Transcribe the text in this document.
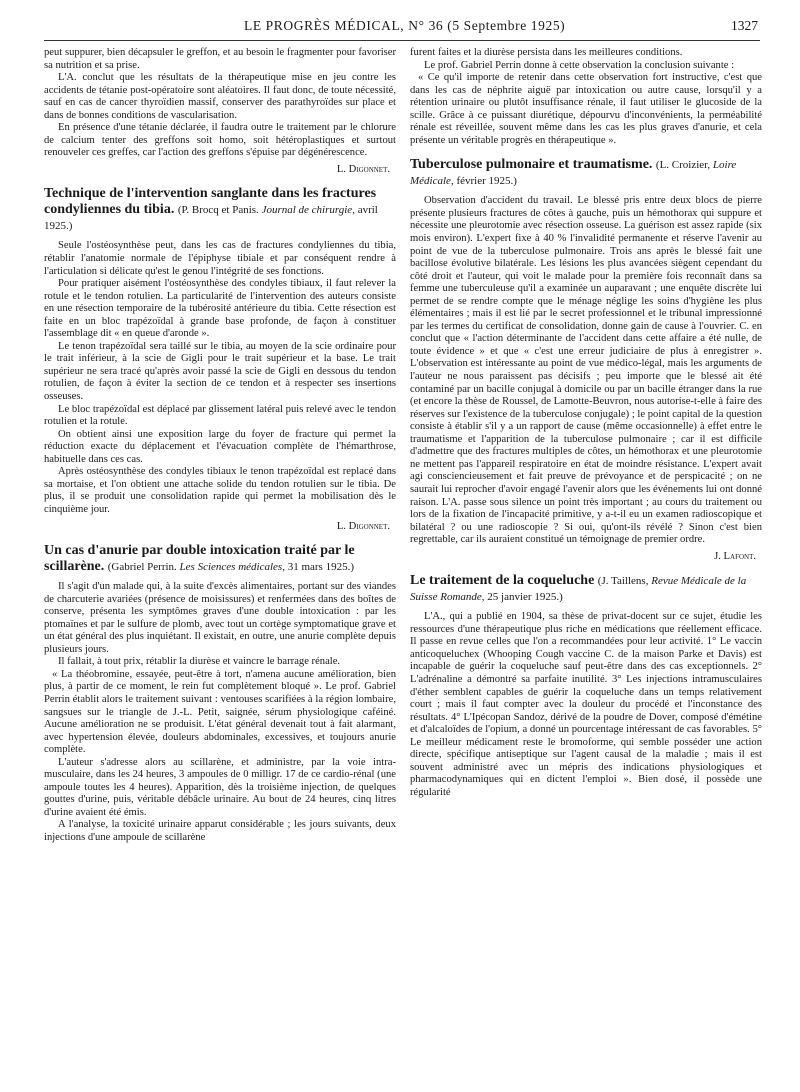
LE PROGRÈS MÉDICAL, N° 36 (5 Septembre 1925)	1327

peut suppurer, bien décapsuler le greffon, et au besoin le fragmenter pour favoriser sa nutrition et sa prise.

L'A. conclut que les résultats de la thérapeutique mise en jeu contre les accidents de tétanie post-opératoire sont aléatoires. Il faut donc, de toute nécessité, sauf en cas de cancer thyroïdien massif, conserver des parathyroïdes sur place et dans de bonnes conditions de vascularisation.

En présence d'une tétanie déclarée, il faudra outre le traitement par le chlorure de calcium tenter des greffons soit homo, soit hétéroplastiques et surtout renouveler ces greffes, car l'action des greffons s'épuise par dégénérescence.

L. Digonnet.

Technique de l'intervention sanglante dans les fractures condyliennes du tibia. (P. Brocq et Panis. Journal de chirurgie, avril 1925.)

Seule l'ostéosynthèse peut, dans les cas de fractures condyliennes du tibia, rétablir l'anatomie normale de l'épiphyse tibiale et par conséquent rendre à l'articulation si délicate qu'est le genou l'intégrité de ses fonctions.

Pour pratiquer aisément l'ostéosynthèse des condyles tibiaux, il faut relever la rotule et le tendon rotulien. La particularité de l'intervention des auteurs consiste en une résection temporaire de la tubérosité antérieure du tibia. Cette résection est faite en un bloc trapézoïdal à grande base profonde, de façon à constituer l'assemblage dit « en queue d'aronde ».

Le tenon trapézoïdal sera taillé sur le tibia, au moyen de la scie ordinaire pour le trait inférieur, à la scie de Gigli pour le trait supérieur et la base. Le trait supérieur ne sera tracé qu'après avoir passé la scie de Gigli en dessous du tendon rotulien, de façon à éviter la section de ce tendon et à respecter ses insertions osseuses.

Le bloc trapézoïdal est déplacé par glissement latéral puis relevé avec le tendon rotulien et la rotule.

On obtient ainsi une exposition large du foyer de fracture qui permet la réduction exacte du déplacement et l'évacuation complète de l'hémarthrose, habituelle dans ces cas.

Après ostéosynthèse des condyles tibiaux le tenon trapézoïdal est replacé dans sa mortaise, et l'on obtient une attache solide du tendon rotulien sur le tibia. De plus, il se produit une consolidation rapide qui permet la mobilisation dès le cinquième jour.

L. Digonnet.

Un cas d'anurie par double intoxication traité par le scillarène. (Gabriel Perrin. Les Sciences médicales, 31 mars 1925.)

Il s'agit d'un malade qui, à la suite d'excès alimentaires, portant sur des viandes de charcuterie avariées (présence de moisissures) et renfermées dans des boîtes de conserve, présenta les symptômes graves d'une double intoxication : par les ptomaïnes et par le sulfure de plomb, avec tout un cortège symptomatique grave et un état général des plus inquiétant. Il existait, en outre, une anurie complète depuis plusieurs jours.

Il fallait, à tout prix, rétablir la diurèse et vaincre le barrage rénale.

« La théobromine, essayée, peut-être à tort, n'amena aucune amélioration, bien plus, à partir de ce moment, le rein fut complètement bloqué ». Le prof. Gabriel Perrin établit alors le traitement suivant : ventouses scarifiées à la région lombaire, sangsues sur le triangle de J.-L. Petit, saignée, sérum physiologique caféiné. Aucune amélioration ne se produisit. L'état général devenait tout à fait alarmant, avec hypertension élevée, douleurs abdominales, excessives, et toujours anurie complète.

L'auteur s'adresse alors au scillarène, et administre, par la voie intra-musculaire, dans les 24 heures, 3 ampoules de 0 milligr. 17 de ce cardio-rénal (une ampoule toutes les 4 heures). Apparition, dès la troisième injection, de quelques gouttes d'urine, puis, véritable débâcle urinaire. Au bout de 24 heures, cinq litres d'urine avaient été émis.

A l'analyse, la toxicité urinaire apparut considérable ; les jours suivants, deux injections d'une ampoule de scillarène

furent faites et la diurèse persista dans les meilleures conditions.

Le prof. Gabriel Perrin donne à cette observation la conclusion suivante :

« Ce qu'il importe de retenir dans cette observation fort instructive, c'est que dans les cas de néphrite aiguë par intoxication ou autre cause, lorsqu'il y a rétention urinaire ou plutôt insuffisance rénale, il faut utiliser le glucoside de la scille. Grâce à ce puissant diurétique, dépourvu d'inconvénients, la perméabilité rénale est réveillée, souvent même dans les cas les plus graves d'anurie, et cela présente un véritable progrès en thérapeutique ».

Tuberculose pulmonaire et traumatisme. (L. Croizier, Loire Médicale, février 1925.)

Observation d'accident du travail. Le blessé pris entre deux blocs de pierre présente plusieurs fractures de côtes à gauche, puis un hémothorax qui suppure et nécessite une pleurotomie avec résection osseuse. La guérison est assez rapide (six mois environ). L'expert fixe à 40 % l'invalidité permanente et réserve l'avenir au point de vue de la tuberculose pulmonaire. Trois ans après le blessé fait une bacillose évolutive bilatérale. Les lésions les plus avancées siègent cependant du côté droit et l'auteur, qui voit le malade pour la première fois reconnaît dans sa femme une tuberculeuse qu'il a examinée un auparavant ; une enquête discrète lui permet de se rendre compte que le ménage néglige les soins d'hygiène les plus élémentaires ; mais il est lié par le secret professionnel et le tribunal impressionné par les termes du certificat de consolidation, donne gain de cause à l'ouvrier. C. en conclut que « l'action déterminante de l'accident dans cette affaire a été nulle, de toute évidence » et que « c'est une erreur judiciaire de plus à enregistrer ». L'observation est intéressante au point de vue médico-légal, mais les arguments de l'auteur ne nous paraissent pas décisifs ; peu importe que le blessé ait été contaminé par un bacille conjugal à domicile ou par un bacille étranger dans la rue (et encore la thèse de Roussel, de Lamotte-Beuvron, nous autorise-t-elle à faire des réserves sur l'existence de la tuberculose conjugale) ; le point capital de la question consiste à établir s'il y a un rapport de cause (même occasionnelle) à effet entre le traumatisme et l'apparition de la tuberculose pulmonaire ; car il est difficile d'admettre que des fractures multiples de côtes, un hémothorax et une pleurotomie ne mettent pas l'appareil respiratoire en état de moindre résistance. L'expert avait agi consciencieusement et fait preuve de prévoyance et de perspicacité ; on ne saurait lui reprocher d'avoir engagé l'avenir alors que les événements lui ont donné raison. L'A. passe sous silence un point très important ; au cours du traitement ou lors de la fixation de l'incapacité primitive, y a-t-il eu un examen radioscopique et bilatéral ? ou une radioscopie ? Si oui, qu'ont-ils révélé ? Sinon c'est bien regrettable, car ils auraient constitué un témoignage de premier ordre.

J. Lafont.

Le traitement de la coqueluche (J. Taillens, Revue Médicale de la Suisse Romande, 25 janvier 1925.)

L'A., qui a publié en 1904, sa thèse de privat-docent sur ce sujet, étudie les ressources d'une thérapeutique plus riche en médications que réellement efficace. Il passe en revue celles que l'on a recommandées pour leur activité. 1° Le vaccin anticoqueluchex (Whooping Cough vaccine C. de la maison Parke et Davis) est incapable de guérir la coqueluche sauf peut-être dans des cas exceptionnels. 2° L'adrénaline a démontré sa parfaite inutilité. 3° Les injections intramusculaires d'éther semblent capables de guérir la coqueluche dans un temps relativement court ; mais il faut compter avec la douleur du procédé et l'inconstance des résultats. 4° L'Ipécopan Sandoz, dérivé de la poudre de Dover, composé d'émétine et d'alcaloïdes de l'opium, a donné un pourcentage intéressant de cas favorables. 5° Le meilleur médicament reste le bromoforme, qui semble posséder une action directe, spécifique antiseptique sur l'agent causal de la maladie ; mais il est souvent administré avec un mépris des indications physiologiques et pharmacodynamiques qui en dictent l'emploi ». Bien dosé, il possède une régularité
